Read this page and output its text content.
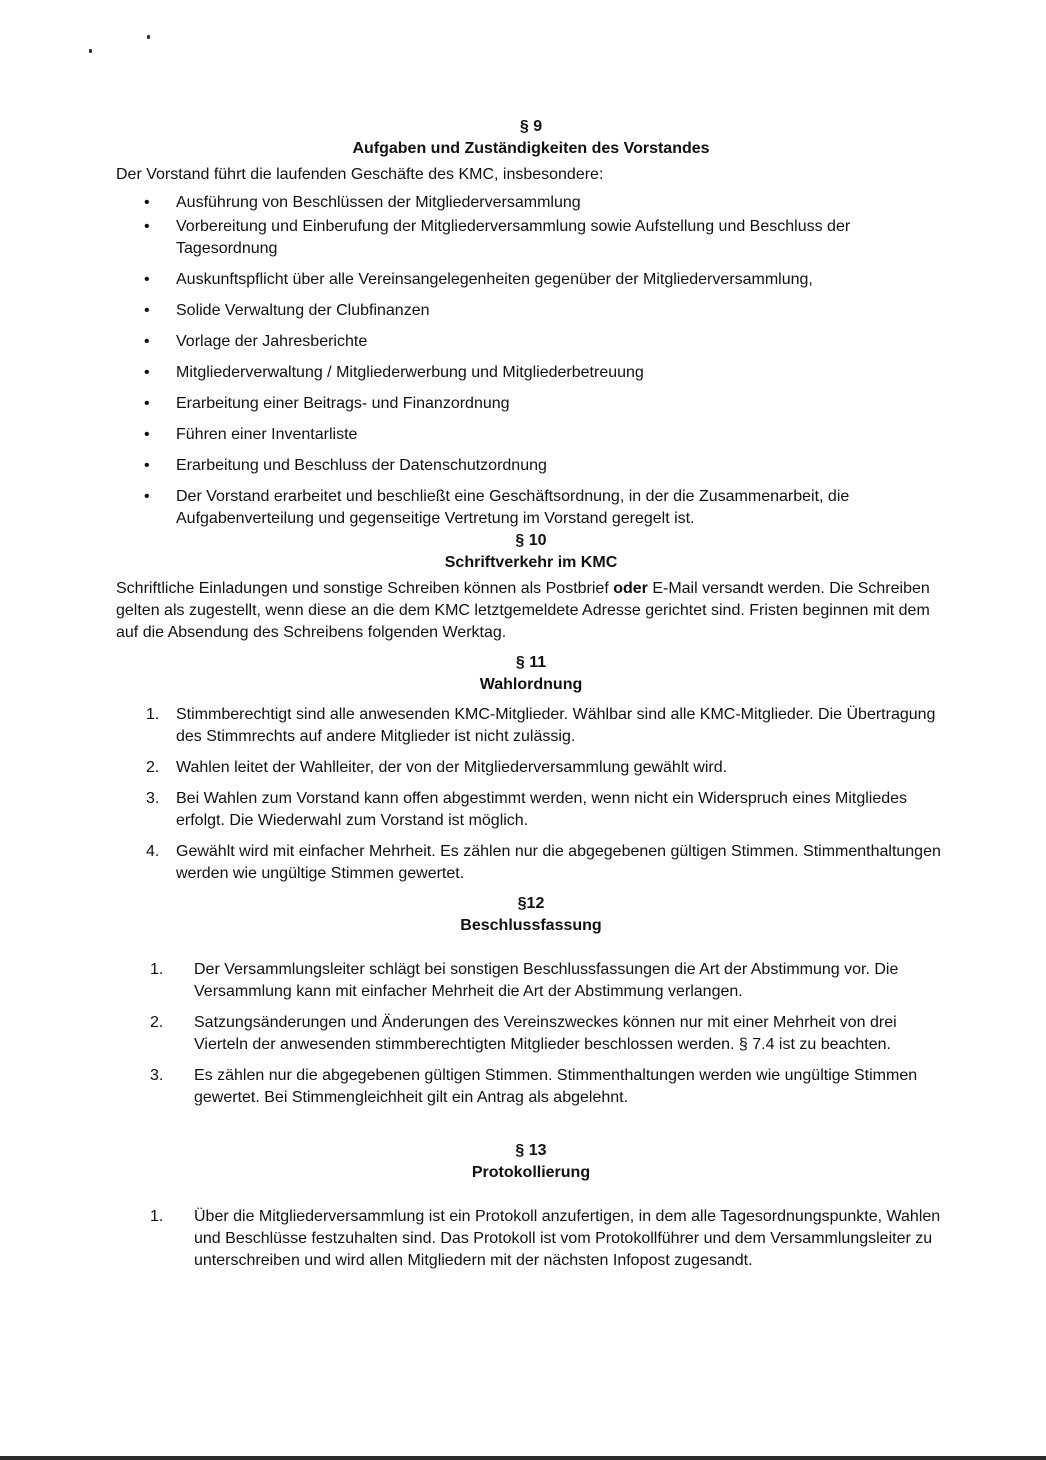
§ 9
Aufgaben und Zuständigkeiten des Vorstandes

Der Vorstand führt die laufenden Geschäfte des KMC, insbesondere:

• Ausführung von Beschlüssen der Mitgliederversammlung
• Vorbereitung und Einberufung der Mitgliederversammlung sowie Aufstellung und Beschluss der Tagesordnung
• Auskunftspflicht über alle Vereinsangelegenheiten gegenüber der Mitgliederversammlung,
• Solide Verwaltung der Clubfinanzen
• Vorlage der Jahresberichte
• Mitgliederverwaltung / Mitgliederwerbung und Mitgliederbetreuung
• Erarbeitung einer Beitrags- und Finanzordnung
• Führen einer Inventarliste
• Erarbeitung und Beschluss der Datenschutzordnung
• Der Vorstand erarbeitet und beschließt eine Geschäftsordnung, in der die Zusammenarbeit, die Aufgabenverteilung und gegenseitige Vertretung im Vorstand geregelt ist.
§ 10
Schriftverkehr im KMC

Schriftliche Einladungen und sonstige Schreiben können als Postbrief oder E-Mail versandt werden. Die Schreiben gelten als zugestellt, wenn diese an die dem KMC letztgemeldete Adresse gerichtet sind. Fristen beginnen mit dem auf die Absendung des Schreibens folgenden Werktag.

§ 11
Wahlordnung
1. Stimmberechtigt sind alle anwesenden KMC-Mitglieder. Wählbar sind alle KMC-Mitglieder. Die Übertragung des Stimmrechts auf andere Mitglieder ist nicht zulässig.
2. Wahlen leitet der Wahlleiter, der von der Mitgliederversammlung gewählt wird.
3. Bei Wahlen zum Vorstand kann offen abgestimmt werden, wenn nicht ein Widerspruch eines Mitgliedes erfolgt. Die Wiederwahl zum Vorstand ist möglich.
4. Gewählt wird mit einfacher Mehrheit. Es zählen nur die abgegebenen gültigen Stimmen. Stimmenthaltungen werden wie ungültige Stimmen gewertet.
§12
Beschlussfassung
1. Der Versammlungsleiter schlägt bei sonstigen Beschlussfassungen die Art der Abstimmung vor. Die Versammlung kann mit einfacher Mehrheit die Art der Abstimmung verlangen.
2. Satzungsänderungen und Änderungen des Vereinszweckes können nur mit einer Mehrheit von drei Vierteln der anwesenden stimmberechtigten Mitglieder beschlossen werden. § 7.4 ist zu beachten.
3. Es zählen nur die abgegebenen gültigen Stimmen. Stimmenthaltungen werden wie ungültige Stimmen gewertet. Bei Stimmengleichheit gilt ein Antrag als abgelehnt.
§ 13
Protokollierung
1. Über die Mitgliederversammlung ist ein Protokoll anzufertigen, in dem alle Tagesordnungspunkte, Wahlen und Beschlüsse festzuhalten sind. Das Protokoll ist vom Protokollführer und dem Versammlungsleiter zu unterschreiben und wird allen Mitgliedern mit der nächsten Infopost zugesandt.
